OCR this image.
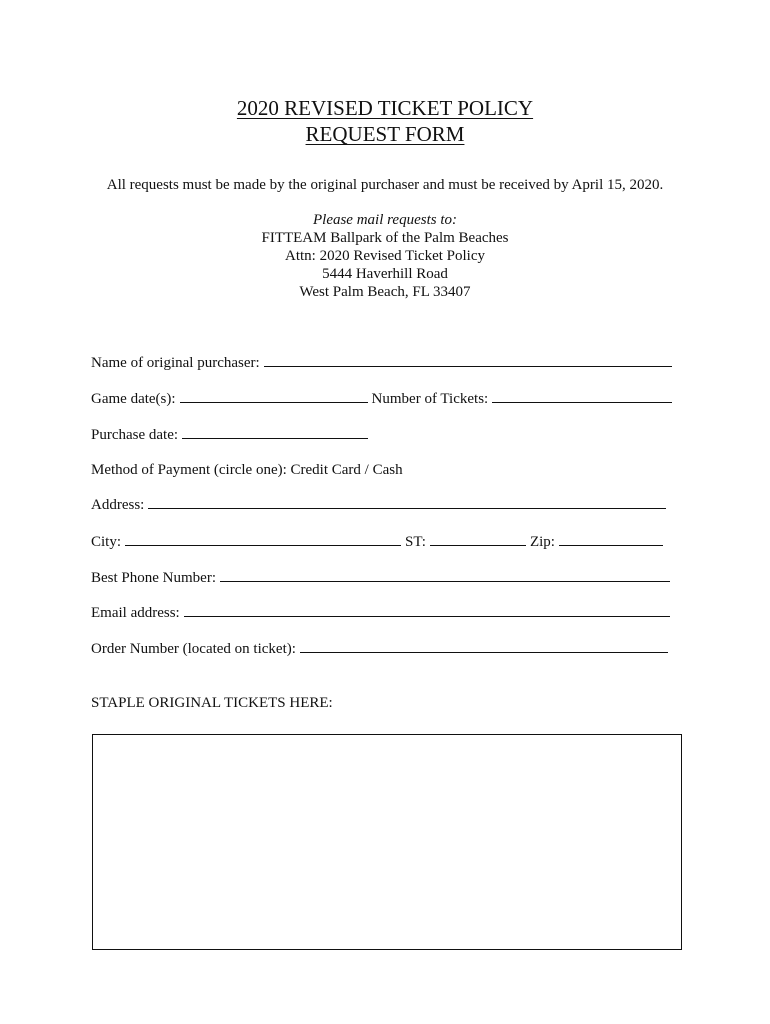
2020 REVISED TICKET POLICY
REQUEST FORM
All requests must be made by the original purchaser and must be received by April 15, 2020.
Please mail requests to:
FITTEAM Ballpark of the Palm Beaches
Attn: 2020 Revised Ticket Policy
5444 Haverhill Road
West Palm Beach, FL 33407
Name of original purchaser:
Game date(s):	Number of Tickets:
Purchase date:
Method of Payment (circle one): Credit Card / Cash
Address:
City:	ST:	Zip:
Best Phone Number:
Email address:
Order Number (located on ticket):
STAPLE ORIGINAL TICKETS HERE:
